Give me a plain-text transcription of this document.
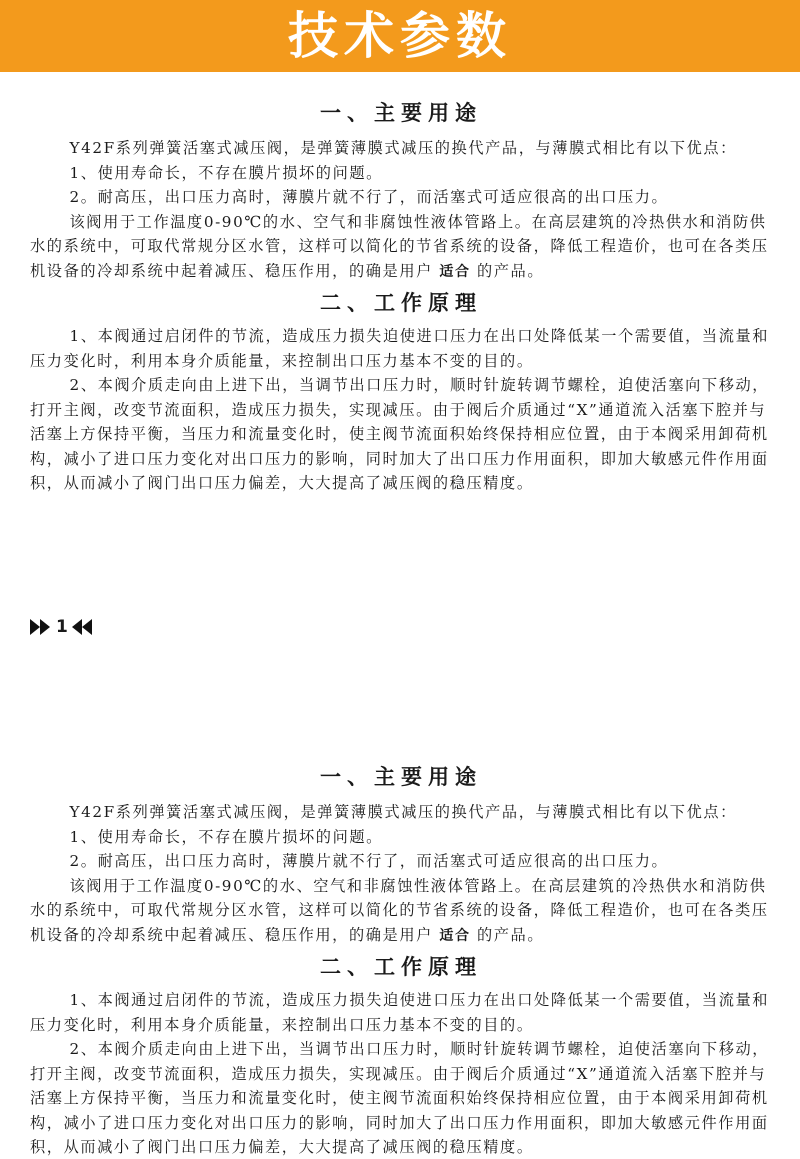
技术参数
一、主要用途

Y42F系列弹簧活塞式减压阀，是弹簧薄膜式减压的换代产品，与薄膜式相比有以下优点：

1、使用寿命长，不存在膜片损坏的问题。

2。耐高压，出口压力高时，薄膜片就不行了，而活塞式可适应很高的出口压力。

该阀用于工作温度0-90℃的水、空气和非腐蚀性液体管路上。在高层建筑的冷热供水和消防供水的系统中，可取代常规分区水管，这样可以简化的节省系统的设备，降低工程造价，也可在各类压机设备的冷却系统中起着减压、稳压作用，的确是用户 适合 的产品。

二、工作原理

1、本阀通过启闭件的节流，造成压力损失迫使进口压力在出口处降低某一个需要值，当流量和压力变化时，利用本身介质能量，来控制出口压力基本不变的目的。

2、本阀介质走向由上进下出，当调节出口压力时，顺时针旋转调节螺栓，迫使活塞向下移动，打开主阀，改变节流面积，造成压力损失，实现减压。由于阀后介质通过“X”通道流入活塞下腔并与活塞上方保持平衡，当压力和流量变化时，使主阀节流面积始终保持相应位置，由于本阀采用卸荷机构，减小了进口压力变化对出口压力的影响，同时加大了出口压力作用面积，即加大敏感元件作用面积，从而减小了阀门出口压力偏差，大大提高了减压阀的稳压精度。

1
一、主要用途

Y42F系列弹簧活塞式减压阀，是弹簧薄膜式减压的换代产品，与薄膜式相比有以下优点：

1、使用寿命长，不存在膜片损坏的问题。

2。耐高压，出口压力高时，薄膜片就不行了，而活塞式可适应很高的出口压力。

该阀用于工作温度0-90℃的水、空气和非腐蚀性液体管路上。在高层建筑的冷热供水和消防供水的系统中，可取代常规分区水管，这样可以简化的节省系统的设备，降低工程造价，也可在各类压机设备的冷却系统中起着减压、稳压作用，的确是用户 适合 的产品。

二、工作原理

1、本阀通过启闭件的节流，造成压力损失迫使进口压力在出口处降低某一个需要值，当流量和压力变化时，利用本身介质能量，来控制出口压力基本不变的目的。

2、本阀介质走向由上进下出，当调节出口压力时，顺时针旋转调节螺栓，迫使活塞向下移动，打开主阀，改变节流面积，造成压力损失，实现减压。由于阀后介质通过“X”通道流入活塞下腔并与活塞上方保持平衡，当压力和流量变化时，使主阀节流面积始终保持相应位置，由于本阀采用卸荷机构，减小了进口压力变化对出口压力的影响，同时加大了出口压力作用面积，即加大敏感元件作用面积，从而减小了阀门出口压力偏差，大大提高了减压阀的稳压精度。
